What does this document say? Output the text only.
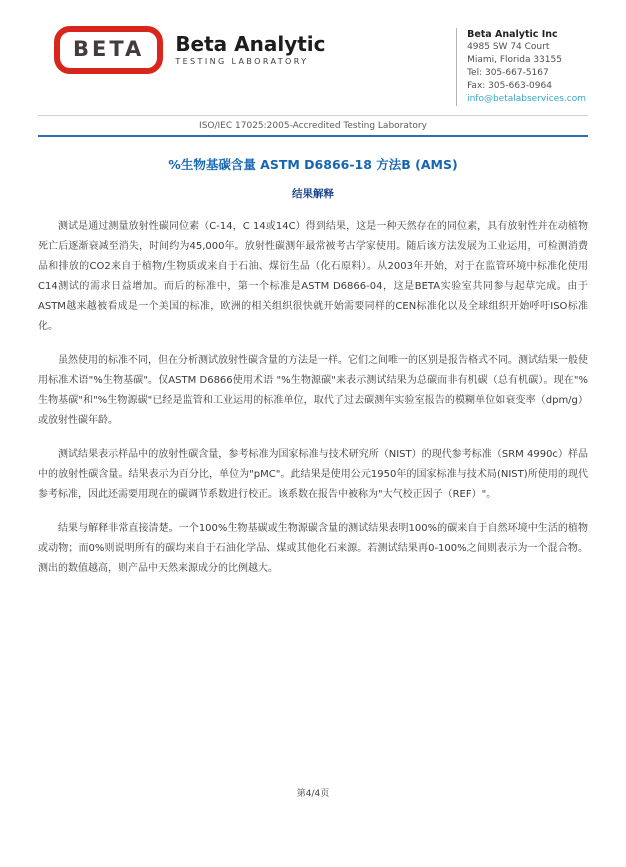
BETA	Beta Analytic
TESTING LABORATORY
Beta Analytic Inc
4985 SW 74 Court
Miami, Florida 33155
Tel: 305-667-5167
Fax: 305-663-0964
info@betalabservices.com
ISO/IEC 17025:2005-Accredited Testing Laboratory
%生物基碳含量 ASTM D6866-18 方法B (AMS)
结果解释

测试是通过测量放射性碳同位素（C-14，C 14或14C）得到结果，这是一种天然存在的同位素，具有放射性并在动植物死亡后逐渐衰减至消失，时间约为45,000年。放射性碳测年最常被考古学家使用。随后该方法发展为工业运用，可检测消费品和排放的CO2来自于植物/生物质或来自于石油、煤衍生品（化石原料）。从2003年开始，对于在监管环境中标准化使用C14测试的需求日益增加。而后的标准中，第一个标准是ASTM D6866-04，这是BETA实验室共同参与起草完成。由于ASTM越来越被看成是一个美国的标准，欧洲的相关组织很快就开始需要同样的CEN标准化以及全球组织开始呼吁ISO标准化。

虽然使用的标准不同，但在分析测试放射性碳含量的方法是一样。它们之间唯一的区别是报告格式不同。测试结果一般使用标准术语"%生物基碳"。仅ASTM D6866使用术语 "%生物源碳"来表示测试结果为总碳而非有机碳（总有机碳）。现在"%生物基碳"和"%生物源碳"已经是监管和工业运用的标准单位，取代了过去碳测年实验室报告的模糊单位如衰变率（dpm/g）或放射性碳年龄。

测试结果表示样品中的放射性碳含量，参考标准为国家标准与技术研究所（NIST）的现代参考标准（SRM 4990c）样品中的放射性碳含量。结果表示为百分比，单位为"pMC"。此结果是使用公元1950年的国家标准与技术局(NIST)所使用的现代参考标准，因此还需要用现在的碳调节系数进行校正。该系数在报告中被称为"大气校正因子（REF）"。

结果与解释非常直接清楚。一个100%生物基碳或生物源碳含量的测试结果表明100%的碳来自于自然环境中生活的植物或动物；而0%则说明所有的碳均来自于石油化学品、煤或其他化石来源。若测试结果再0-100%之间则表示为一个混合物。测出的数值越高，则产品中天然来源成分的比例越大。

第4/4页
